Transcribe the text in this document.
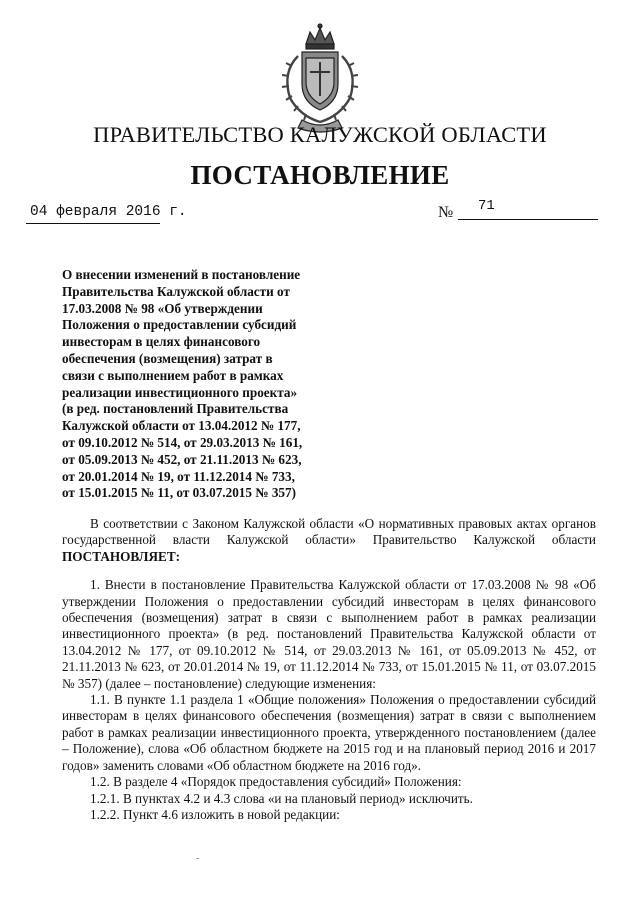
ПРАВИТЕЛЬСТВО КАЛУЖСКОЙ ОБЛАСТИ
ПОСТАНОВЛЕНИЕ
04 февраля 2016 г.	№ 71
О внесении изменений в постановление
Правительства Калужской области от
17.03.2008 № 98 «Об утверждении
Положения о предоставлении субсидий
инвесторам в целях финансового
обеспечения (возмещения) затрат в
связи с выполнением работ в рамках
реализации инвестиционного проекта»
(в ред. постановлений Правительства
Калужской области от 13.04.2012 № 177,
от 09.10.2012 № 514, от 29.03.2013 № 161,
от 05.09.2013 № 452, от 21.11.2013 № 623,
от 20.01.2014 № 19, от 11.12.2014 № 733,
от 15.01.2015 № 11, от 03.07.2015 № 357)

В соответствии с Законом Калужской области «О нормативных правовых актах органов государственной власти Калужской области» Правительство Калужской области ПОСТАНОВЛЯЕТ:

1. Внести в постановление Правительства Калужской области от 17.03.2008 № 98 «Об утверждении Положения о предоставлении субсидий инвесторам в целях финансового обеспечения (возмещения) затрат в связи с выполнением работ в рамках реализации инвестиционного проекта» (в ред. постановлений Правительства Калужской области от 13.04.2012 № 177, от 09.10.2012 № 514, от 29.03.2013 № 161, от 05.09.2013 № 452, от 21.11.2013 № 623, от 20.01.2014 № 19, от 11.12.2014 № 733, от 15.01.2015 № 11, от 03.07.2015 № 357) (далее – постановление) следующие изменения:

1.1. В пункте 1.1 раздела 1 «Общие положения» Положения о предоставлении субсидий инвесторам в целях финансового обеспечения (возмещения) затрат в связи с выполнением работ в рамках реализации инвестиционного проекта, утвержденного постановлением (далее – Положение), слова «Об областном бюджете на 2015 год и на плановый период 2016 и 2017 годов» заменить словами «Об областном бюджете на 2016 год».

1.2. В разделе 4 «Порядок предоставления субсидий» Положения:

1.2.1. В пунктах 4.2 и 4.3 слова «и на плановый период» исключить.

1.2.2. Пункт 4.6 изложить в новой редакции:

˜
